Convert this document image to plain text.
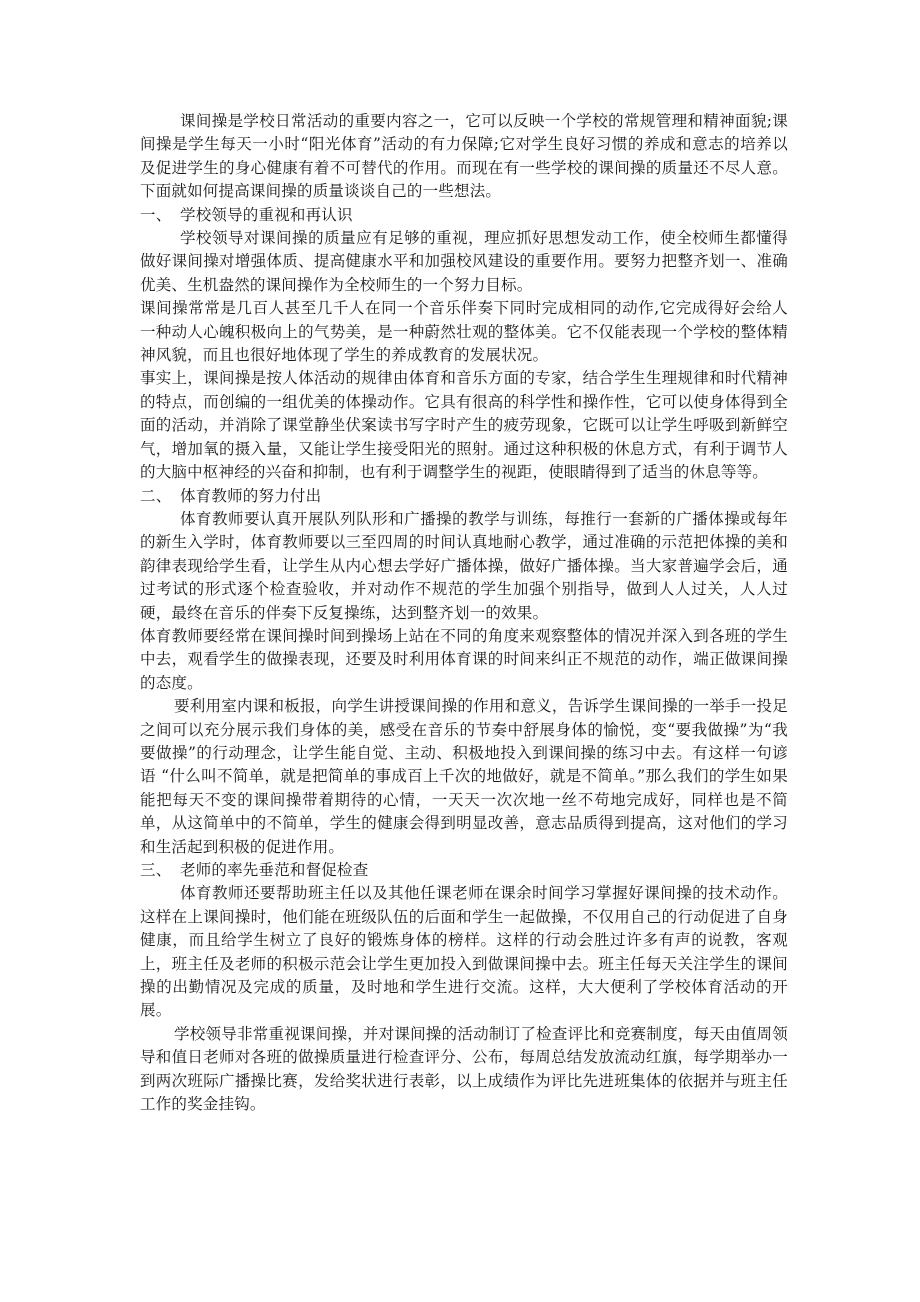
课间操是学校日常活动的重要内容之一，它可以反映一个学校的常规管理和精神面貌;课间操是学生每天一小时“阳光体育”活动的有力保障;它对学生良好习惯的养成和意志的培养以及促进学生的身心健康有着不可替代的作用。而现在有一些学校的课间操的质量还不尽人意。下面就如何提高课间操的质量谈谈自己的一些想法。

一、 学校领导的重视和再认识

学校领导对课间操的质量应有足够的重视，理应抓好思想发动工作，使全校师生都懂得做好课间操对增强体质、提高健康水平和加强校风建设的重要作用。要努力把整齐划一、准确优美、生机盎然的课间操作为全校师生的一个努力目标。

课间操常常是几百人甚至几千人在同一个音乐伴奏下同时完成相同的动作,它完成得好会给人一种动人心魄积极向上的气势美，是一种蔚然壮观的整体美。它不仅能表现一个学校的整体精神风貌，而且也很好地体现了学生的养成教育的发展状况。

事实上，课间操是按人体活动的规律由体育和音乐方面的专家，结合学生生理规律和时代精神的特点，而创编的一组优美的体操动作。它具有很高的科学性和操作性，它可以使身体得到全面的活动，并消除了课堂静坐伏案读书写字时产生的疲劳现象，它既可以让学生呼吸到新鲜空气，增加氧的摄入量，又能让学生接受阳光的照射。通过这种积极的休息方式，有利于调节人的大脑中枢神经的兴奋和抑制，也有利于调整学生的视距，使眼睛得到了适当的休息等等。

二、 体育教师的努力付出

体育教师要认真开展队列队形和广播操的教学与训练，每推行一套新的广播体操或每年的新生入学时，体育教师要以三至四周的时间认真地耐心教学，通过准确的示范把体操的美和韵律表现给学生看，让学生从内心想去学好广播体操，做好广播体操。当大家普遍学会后，通过考试的形式逐个检查验收，并对动作不规范的学生加强个别指导，做到人人过关，人人过硬，最终在音乐的伴奏下反复操练，达到整齐划一的效果。

体育教师要经常在课间操时间到操场上站在不同的角度来观察整体的情况并深入到各班的学生中去，观看学生的做操表现，还要及时利用体育课的时间来纠正不规范的动作，端正做课间操的态度。

要利用室内课和板报，向学生讲授课间操的作用和意义，告诉学生课间操的一举手一投足之间可以充分展示我们身体的美，感受在音乐的节奏中舒展身体的愉悦，变“要我做操”为“我要做操”的行动理念，让学生能自觉、主动、积极地投入到课间操的练习中去。有这样一句谚语 “什么叫不简单，就是把简单的事成百上千次的地做好，就是不简单。”那么我们的学生如果能把每天不变的课间操带着期待的心情，一天天一次次地一丝不苟地完成好，同样也是不简单，从这简单中的不简单，学生的健康会得到明显改善，意志品质得到提高，这对他们的学习和生活起到积极的促进作用。

三、 老师的率先垂范和督促检查

体育教师还要帮助班主任以及其他任课老师在课余时间学习掌握好课间操的技术动作。这样在上课间操时，他们能在班级队伍的后面和学生一起做操，不仅用自己的行动促进了自身健康，而且给学生树立了良好的锻炼身体的榜样。这样的行动会胜过许多有声的说教，客观上，班主任及老师的积极示范会让学生更加投入到做课间操中去。班主任每天关注学生的课间操的出勤情况及完成的质量，及时地和学生进行交流。这样，大大便利了学校体育活动的开展。

学校领导非常重视课间操，并对课间操的活动制订了检查评比和竞赛制度，每天由值周领导和值日老师对各班的做操质量进行检查评分、公布，每周总结发放流动红旗，每学期举办一到两次班际广播操比赛，发给奖状进行表彰，以上成绩作为评比先进班集体的依据并与班主任工作的奖金挂钩。
